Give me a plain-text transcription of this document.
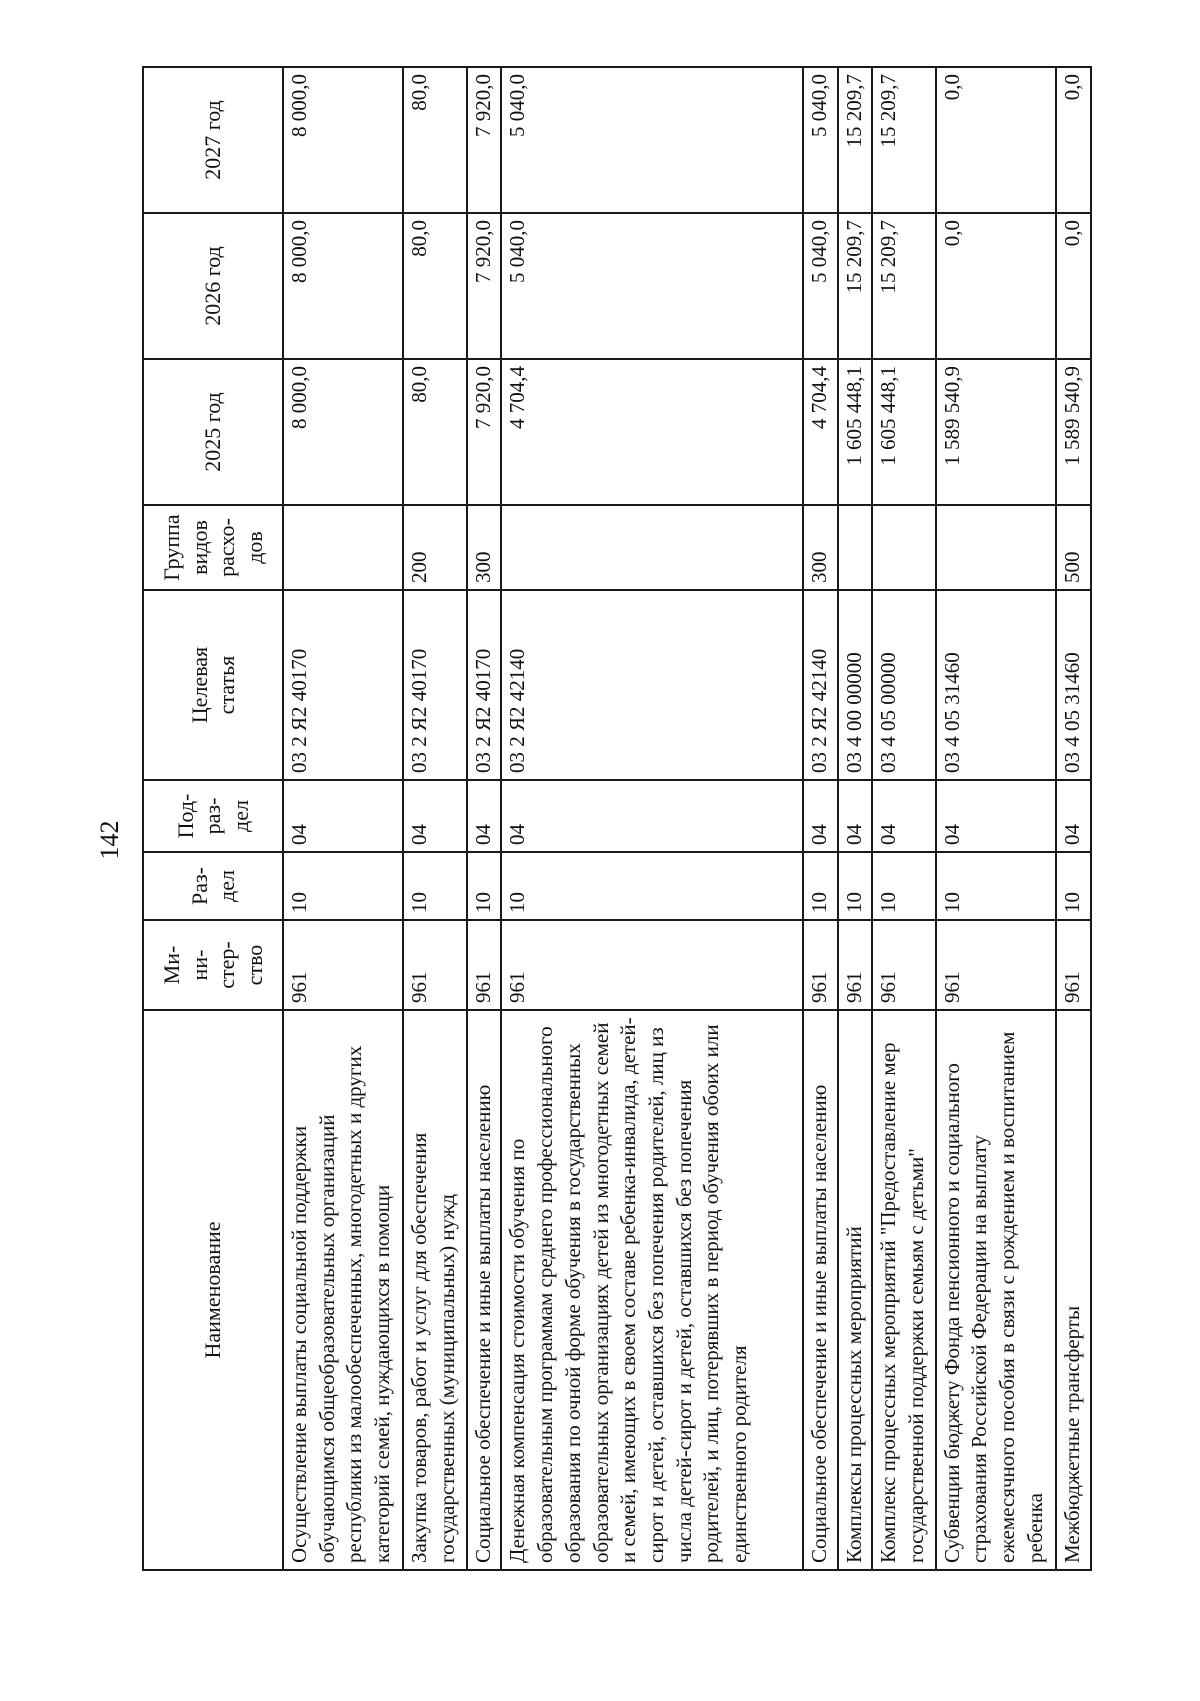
142
Наименование	Ми-
ни-
стер-
ство	Раз-
дел	Под-
раз-
дел	Целевая
статья	Группа
видов
расхо-
дов	2025 год	2026 год	2027 год
Осуществление выплаты социальной поддержки обучающимся общеобразовательных организаций республики из малообеспеченных, многодетных и других категорий семей, нуждающихся в помощи	961	10	04	03 2 Я2 40170		8 000,0	8 000,0	8 000,0
Закупка товаров, работ и услуг для обеспечения государственных (муниципальных) нужд	961	10	04	03 2 Я2 40170	200	80,0	80,0	80,0
Социальное обеспечение и иные выплаты населению	961	10	04	03 2 Я2 40170	300	7 920,0	7 920,0	7 920,0
Денежная компенсация стоимости обучения по образовательным программам среднего профессионального образования по очной форме обучения в государственных образовательных организациях детей из многодетных семей и семей, имеющих в своем составе ребенка-инвалида, детей-сирот и детей, оставшихся без попечения родителей, лиц из числа детей-сирот и детей, оставшихся без попечения родителей, и лиц, потерявших в период обучения обоих или единственного родителя	961	10	04	03 2 Я2 42140		4 704,4	5 040,0	5 040,0
Социальное обеспечение и иные выплаты населению	961	10	04	03 2 Я2 42140	300	4 704,4	5 040,0	5 040,0
Комплексы процессных мероприятий	961	10	04	03 4 00 00000		1 605 448,1	15 209,7	15 209,7
Комплекс процессных мероприятий "Предоставление мер государственной поддержки семьям с детьми"	961	10	04	03 4 05 00000		1 605 448,1	15 209,7	15 209,7
Субвенции бюджету Фонда пенсионного и социального страхования Российской Федерации на выплату ежемесячного пособия в связи с рождением и воспитанием ребенка	961	10	04	03 4 05 31460		1 589 540,9	0,0	0,0
Межбюджетные трансферты	961	10	04	03 4 05 31460	500	1 589 540,9	0,0	0,0
